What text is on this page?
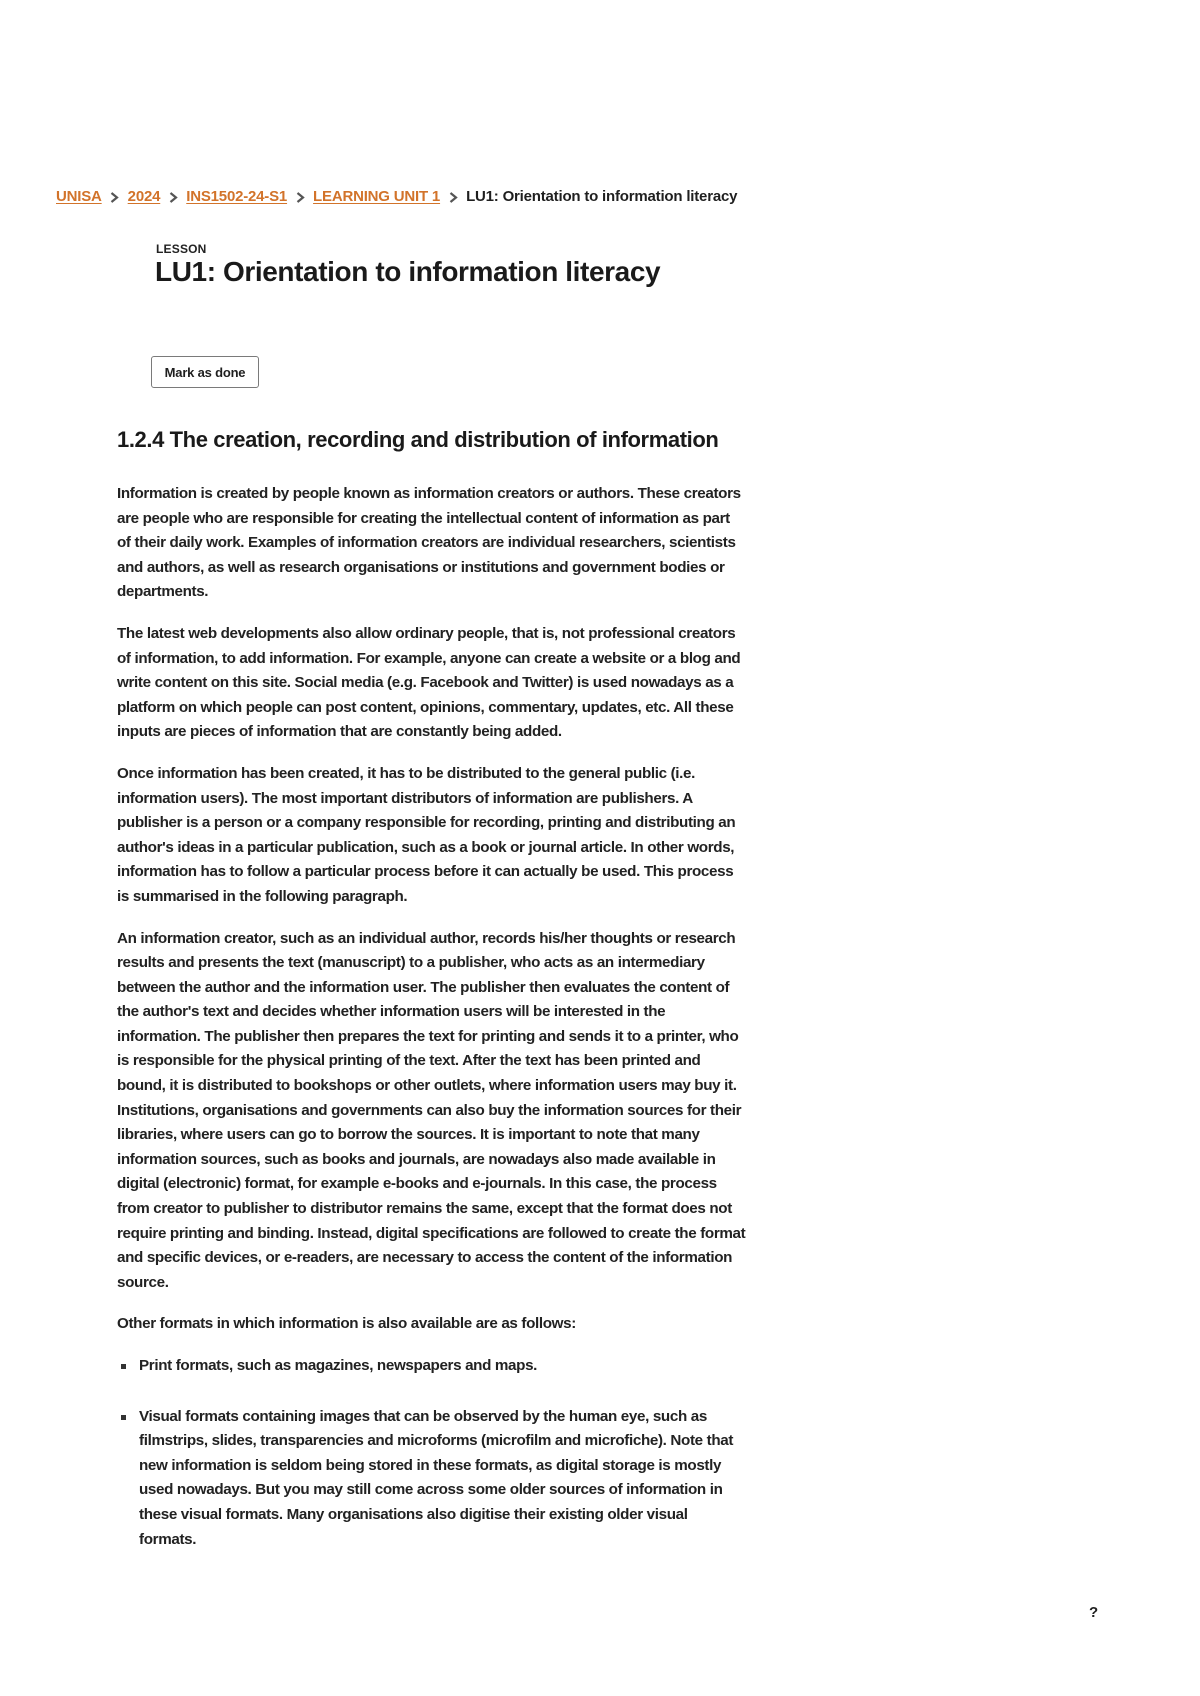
UNISA 2024 INS1502-24-S1 LEARNING UNIT 1 LU1: Orientation to information literacy
LESSON
LU1: Orientation to information literacy
Mark as done
1.2.4 The creation, recording and distribution of information

Information is created by people known as information creators or authors. These creators are people who are responsible for creating the intellectual content of information as part of their daily work. Examples of information creators are individual researchers, scientists and authors, as well as research organisations or institutions and government bodies or departments.

The latest web developments also allow ordinary people, that is, not professional creators of information, to add information. For example, anyone can create a website or a blog and write content on this site. Social media (e.g. Facebook and Twitter) is used nowadays as a platform on which people can post content, opinions, commentary, updates, etc. All these inputs are pieces of information that are constantly being added.

Once information has been created, it has to be distributed to the general public (i.e. information users). The most important distributors of information are publishers. A publisher is a person or a company responsible for recording, printing and distributing an author's ideas in a particular publication, such as a book or journal article. In other words, information has to follow a particular process before it can actually be used. This process is summarised in the following paragraph.

An information creator, such as an individual author, records his/her thoughts or research results and presents the text (manuscript) to a publisher, who acts as an intermediary between the author and the information user. The publisher then evaluates the content of the author's text and decides whether information users will be interested in the information. The publisher then prepares the text for printing and sends it to a printer, who is responsible for the physical printing of the text. After the text has been printed and bound, it is distributed to bookshops or other outlets, where information users may buy it. Institutions, organisations and governments can also buy the information sources for their libraries, where users can go to borrow the sources. It is important to note that many information sources, such as books and journals, are nowadays also made available in digital (electronic) format, for example e-books and e-journals. In this case, the process from creator to publisher to distributor remains the same, except that the format does not require printing and binding. Instead, digital specifications are followed to create the format and specific devices, or e-readers, are necessary to access the content of the information source.

Other formats in which information is also available are as follows:

Print formats, such as magazines, newspapers and maps.
Visual formats containing images that can be observed by the human eye, such as filmstrips, slides, transparencies and microforms (microfilm and microfiche). Note that new information is seldom being stored in these formats, as digital storage is mostly used nowadays. But you may still come across some older sources of information in these visual formats. Many organisations also digitise their existing older visual formats.
?
